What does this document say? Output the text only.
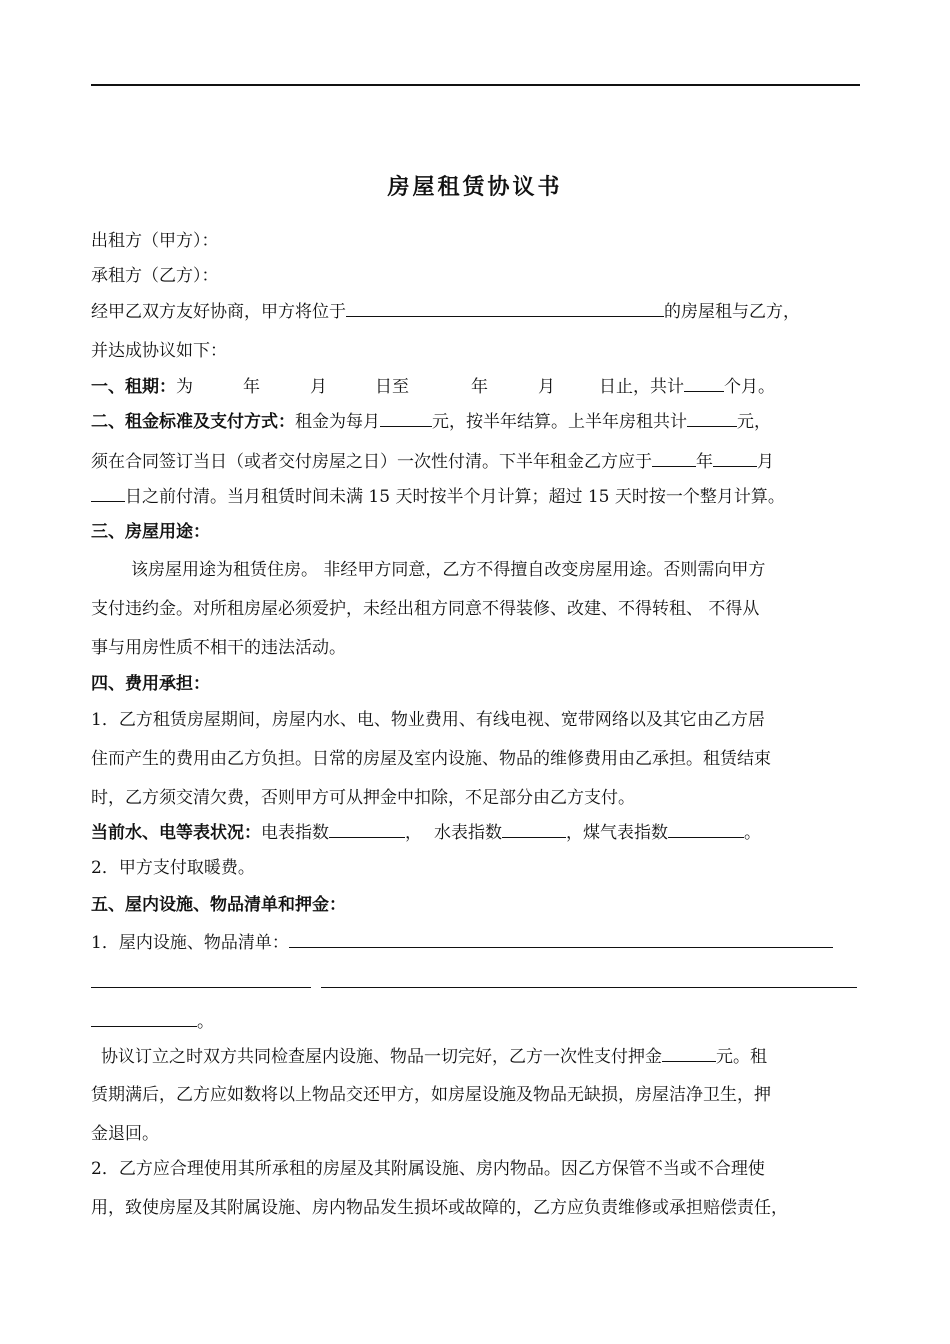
房屋租赁协议书
出租方（甲方）：
承租方（乙方）：
经甲乙双方友好协商，甲方将位于	的房屋租与乙方，
并达成协议如下：
一、租期：为	年	月	日至	年	月	日止，共计 个月。
二、租金标准及支付方式：租金为每月	元，按半年结算。上半年房租共计	元，
须在合同签订当日（或者交付房屋之日）一次性付清。下半年租金乙方应于	年	月
日之前付清。当月租赁时间未满 15 天时按半个月计算；超过 15 天时按一个整月计算。
三、房屋用途：
该房屋用途为租赁住房。 非经甲方同意，乙方不得擅自改变房屋用途。否则需向甲方
支付违约金。对所租房屋必须爱护，未经出租方同意不得装修、改建、不得转租、 不得从
事与用房性质不相干的违法活动。
四、费用承担：
1．乙方租赁房屋期间，房屋内水、电、物业费用、有线电视、宽带网络以及其它由乙方居
住而产生的费用由乙方负担。日常的房屋及室内设施、物品的维修费用由乙承担。租赁结束
时，乙方须交清欠费，否则甲方可从押金中扣除，不足部分由乙方支付。
当前水、电等表状况：电表指数	， 水表指数	，煤气表指数	。
2．甲方支付取暖费。
五、屋内设施、物品清单和押金：
1．屋内设施、物品清单：
。
协议订立之时双方共同检查屋内设施、物品一切完好，乙方一次性支付押金	元。租
赁期满后，乙方应如数将以上物品交还甲方，如房屋设施及物品无缺损，房屋洁净卫生，押
金退回。
2．乙方应合理使用其所承租的房屋及其附属设施、房内物品。因乙方保管不当或不合理使
用，致使房屋及其附属设施、房内物品发生损坏或故障的，乙方应负责维修或承担赔偿责任，
